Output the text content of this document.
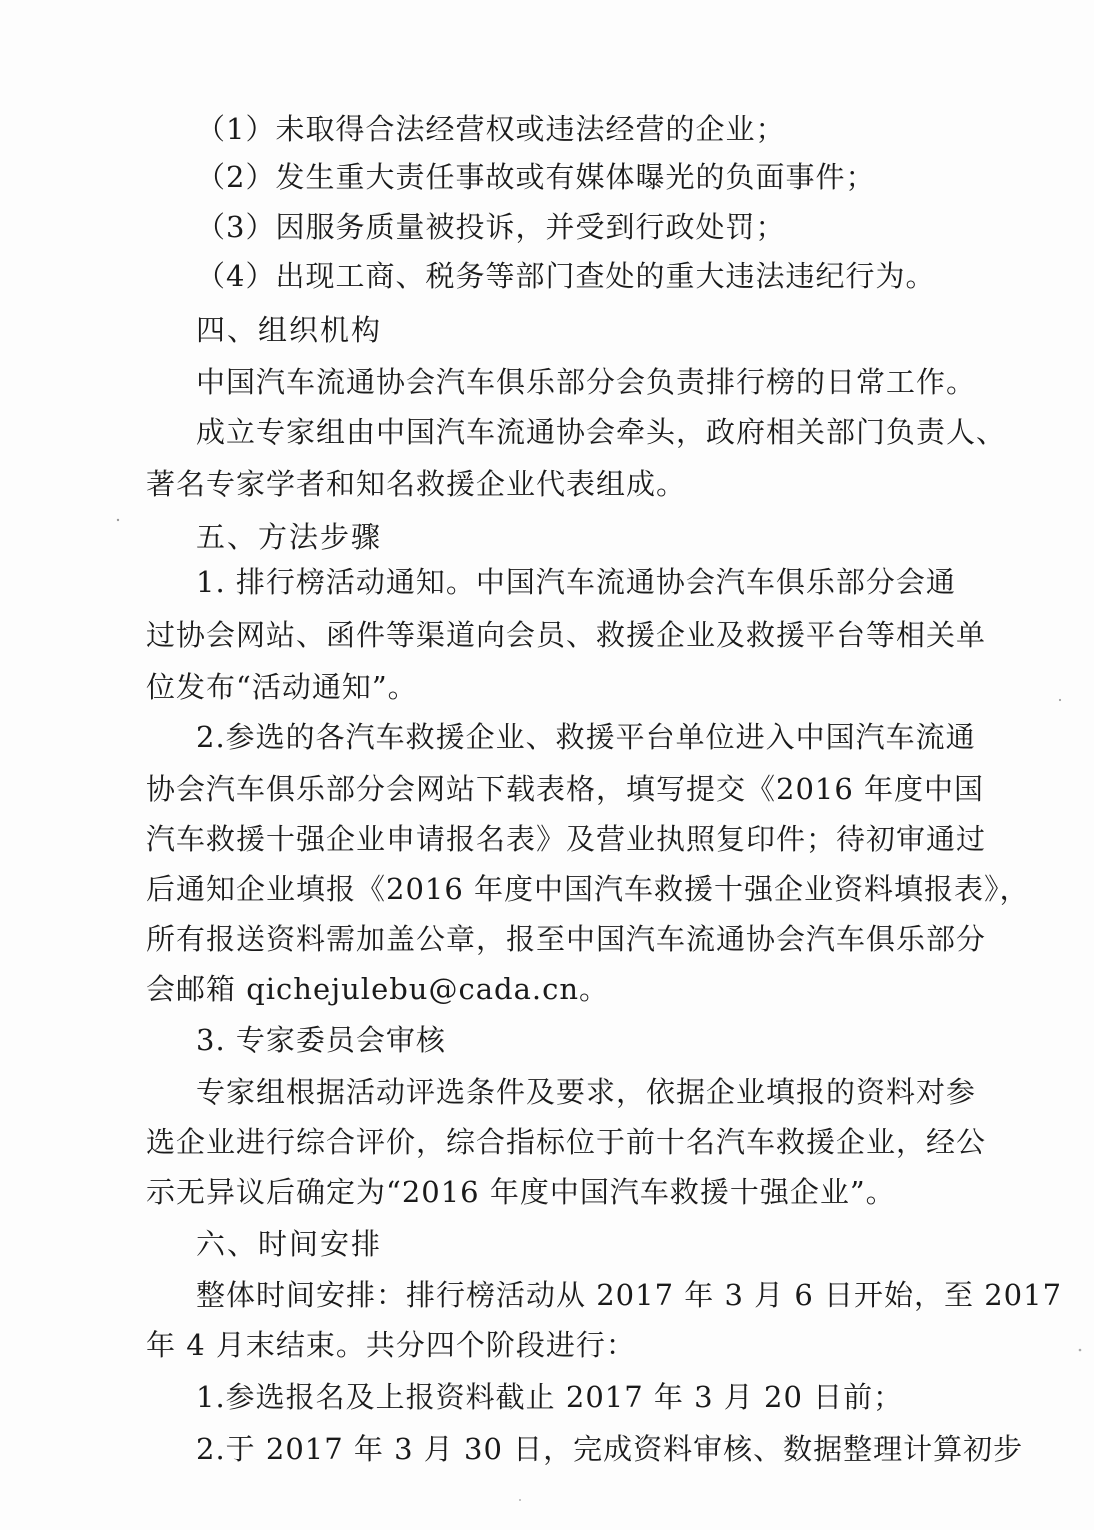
（1）未取得合法经营权或违法经营的企业；
（2）发生重大责任事故或有媒体曝光的负面事件；
（3）因服务质量被投诉，并受到行政处罚；
（4）出现工商、税务等部门查处的重大违法违纪行为。
四、组织机构
中国汽车流通协会汽车俱乐部分会负责排行榜的日常工作。
成立专家组由中国汽车流通协会牵头，政府相关部门负责人、
著名专家学者和知名救援企业代表组成。
五、方法步骤
1. 排行榜活动通知。中国汽车流通协会汽车俱乐部分会通
过协会网站、函件等渠道向会员、救援企业及救援平台等相关单
位发布“活动通知”。
2.参选的各汽车救援企业、救援平台单位进入中国汽车流通
协会汽车俱乐部分会网站下载表格，填写提交《2016 年度中国
汽车救援十强企业申请报名表》及营业执照复印件；待初审通过
后通知企业填报《2016 年度中国汽车救援十强企业资料填报表》，
所有报送资料需加盖公章，报至中国汽车流通协会汽车俱乐部分
会邮箱 qichejulebu@cada.cn。
3. 专家委员会审核
专家组根据活动评选条件及要求，依据企业填报的资料对参
选企业进行综合评价，综合指标位于前十名汽车救援企业，经公
示无异议后确定为“2016 年度中国汽车救援十强企业”。
六、时间安排
整体时间安排：排行榜活动从 2017 年 3 月 6 日开始，至 2017
年 4 月末结束。共分四个阶段进行：
1.参选报名及上报资料截止 2017 年 3 月 20 日前；
2.于 2017 年 3 月 30 日，完成资料审核、数据整理计算初步
